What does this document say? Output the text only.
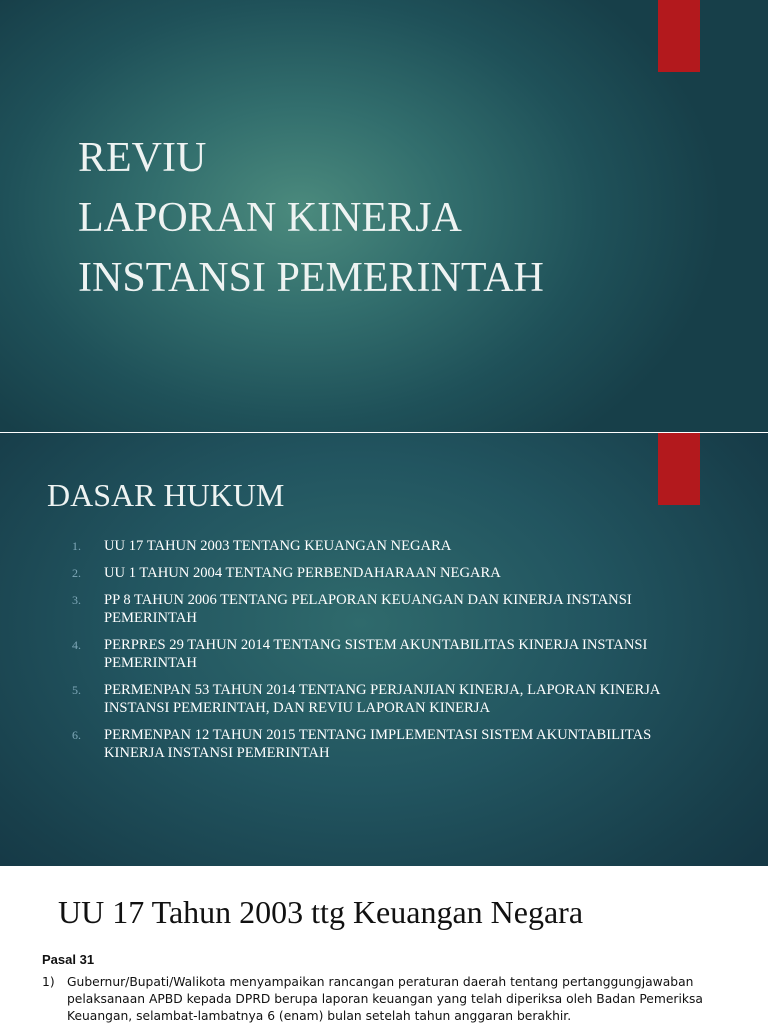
REVIU
LAPORAN KINERJA
INSTANSI PEMERINTAH
DASAR HUKUM
1.	UU 17 TAHUN 2003 TENTANG KEUANGAN NEGARA
2.	UU 1 TAHUN 2004 TENTANG PERBENDAHARAAN NEGARA
3.	PP 8 TAHUN 2006 TENTANG PELAPORAN KEUANGAN DAN KINERJA INSTANSI PEMERINTAH
4.	PERPRES 29 TAHUN 2014 TENTANG SISTEM AKUNTABILITAS KINERJA INSTANSI PEMERINTAH
5.	PERMENPAN 53 TAHUN 2014 TENTANG PERJANJIAN KINERJA, LAPORAN KINERJA INSTANSI PEMERINTAH, DAN REVIU LAPORAN KINERJA
6.	PERMENPAN 12 TAHUN 2015 TENTANG IMPLEMENTASI SISTEM AKUNTABILITAS KINERJA INSTANSI PEMERINTAH
UU 17 Tahun 2003 ttg Keuangan Negara
Pasal 31
1)	Gubernur/Bupati/Walikota menyampaikan rancangan peraturan daerah tentang pertanggungjawaban pelaksanaan APBD kepada DPRD berupa laporan keuangan yang telah diperiksa oleh Badan Pemeriksa Keuangan, selambat-lambatnya 6 (enam) bulan setelah tahun anggaran berakhir.
